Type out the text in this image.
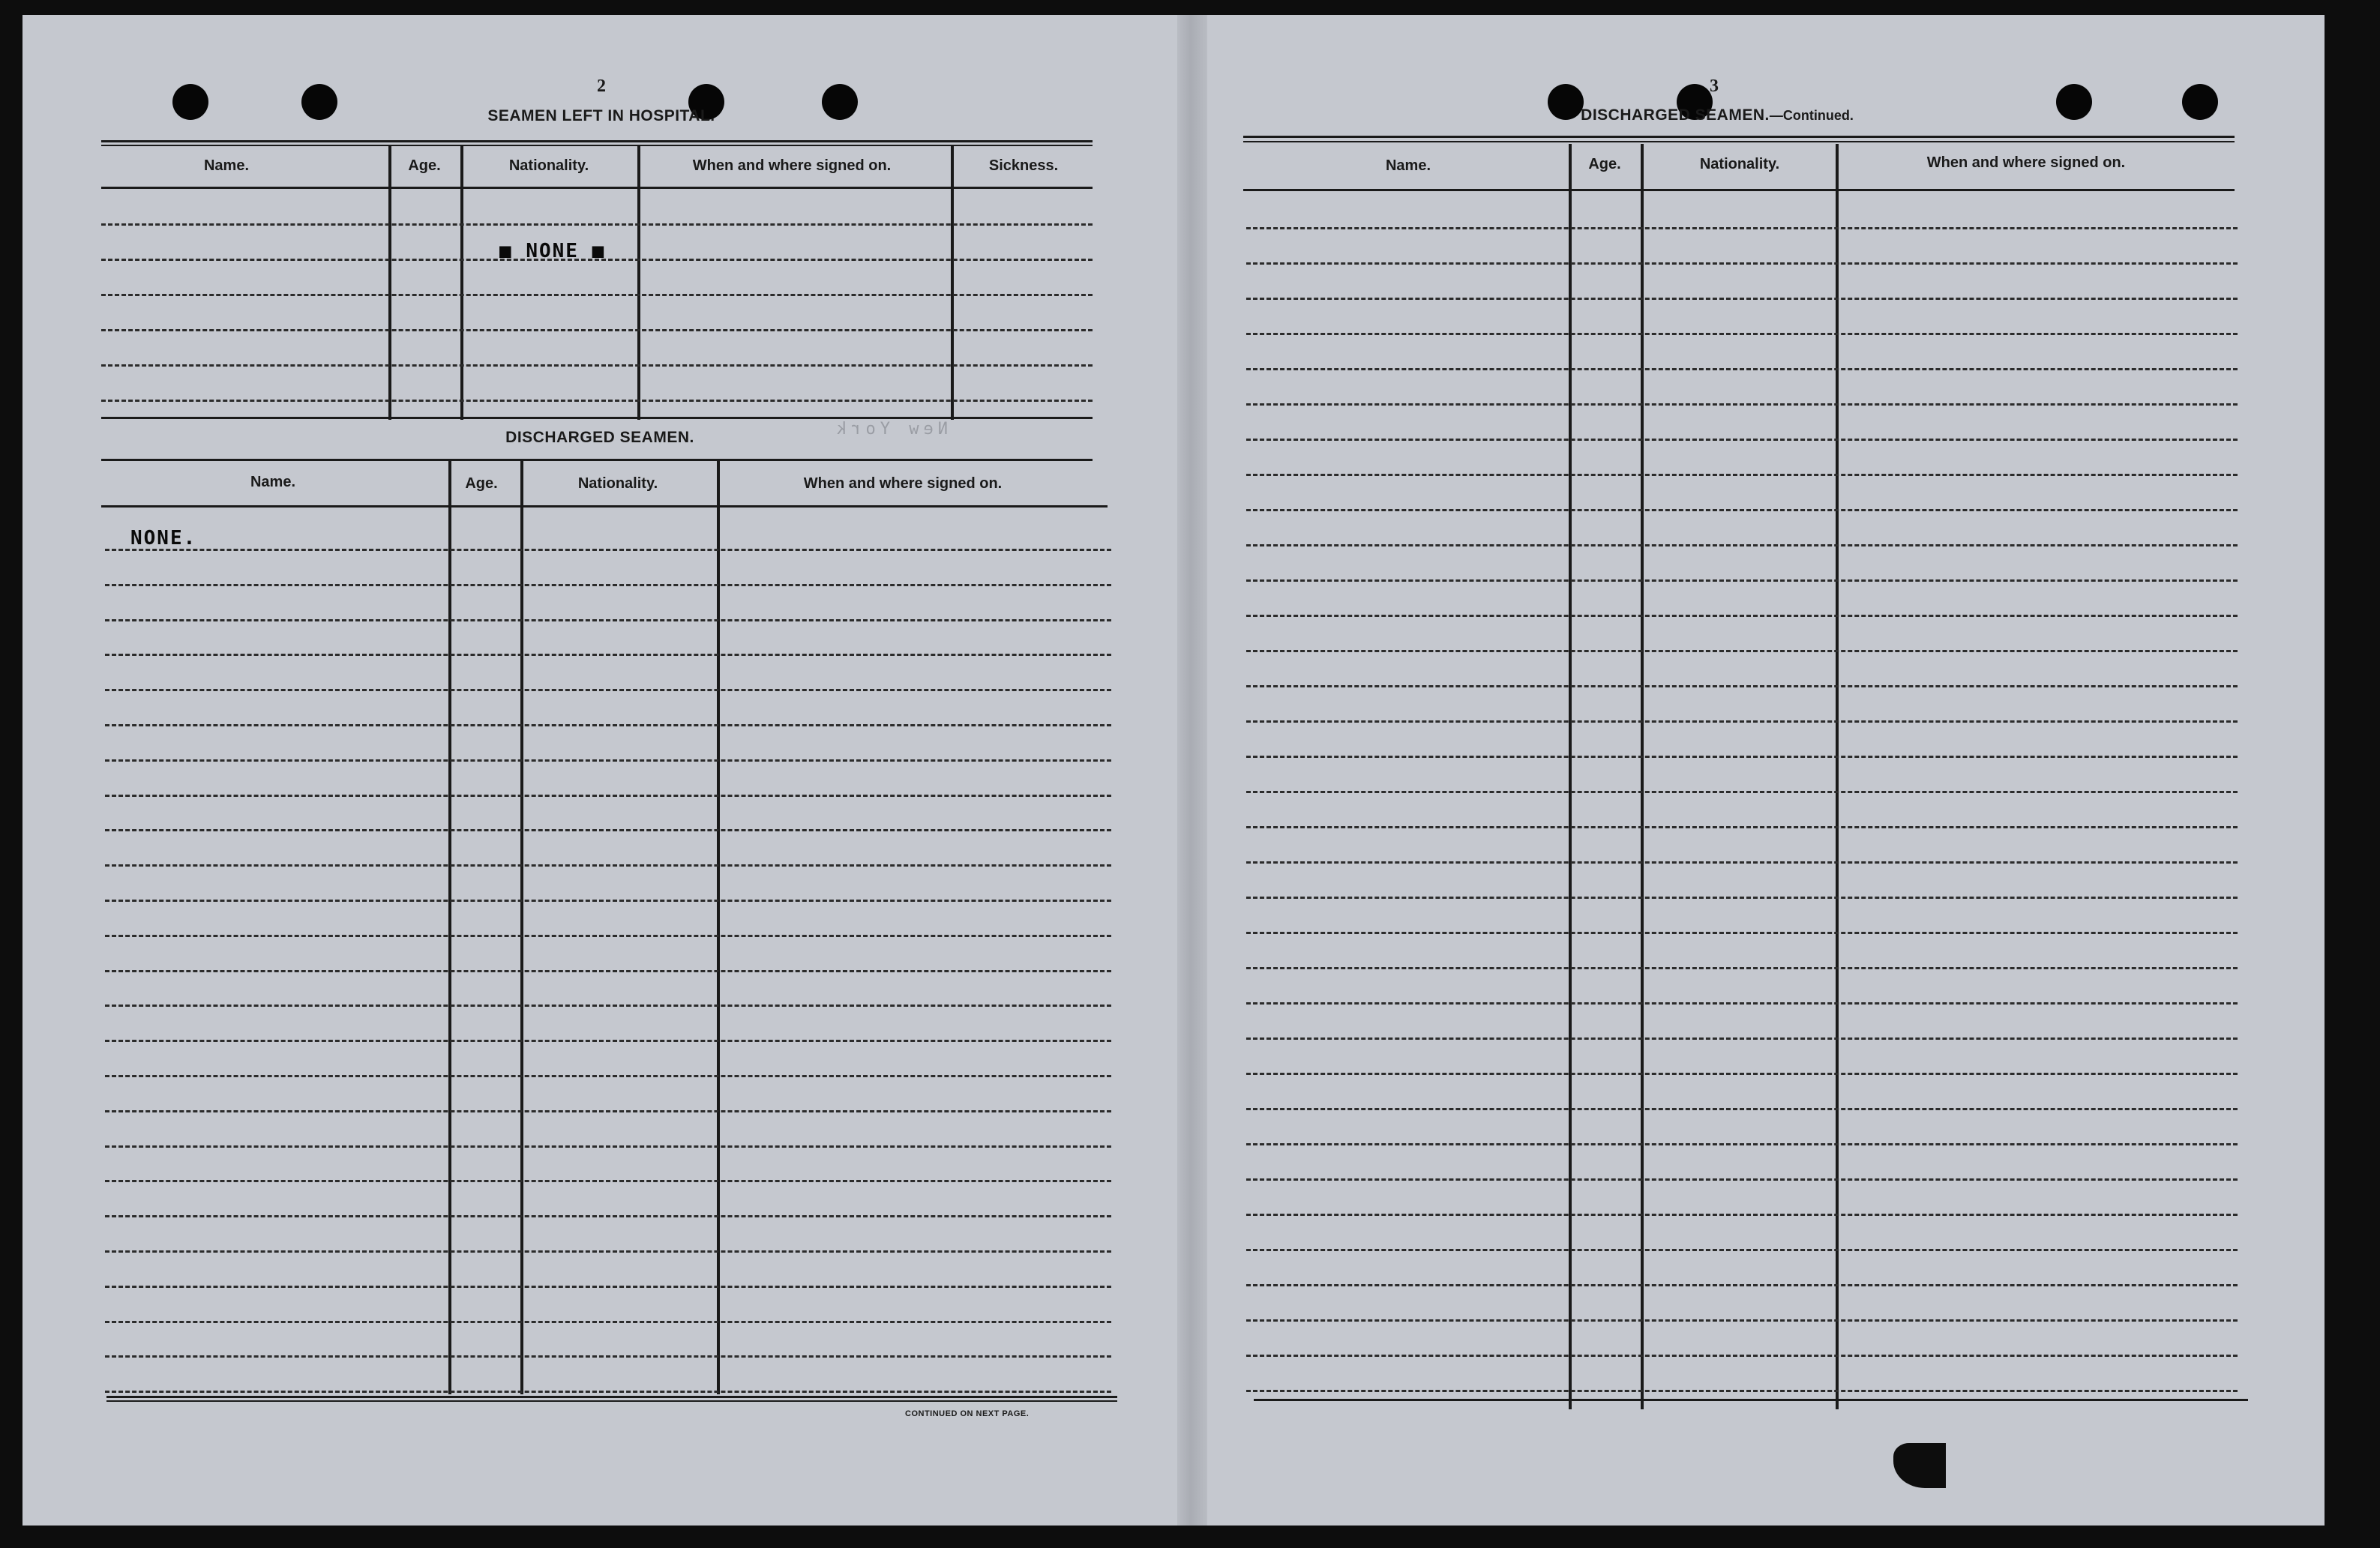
2
SEAMEN LEFT IN HOSPITAL.
Name.	Age.	Nationality.	When and where signed on.	Sickness.
■ NONE ■
DISCHARGED SEAMEN.
Name.	Age.	Nationality.	When and where signed on.
NONE.
CONTINUED ON NEXT PAGE.
New York
3
DISCHARGED SEAMEN.—Continued.
Name.	Age.	Nationality.	When and where signed on.
